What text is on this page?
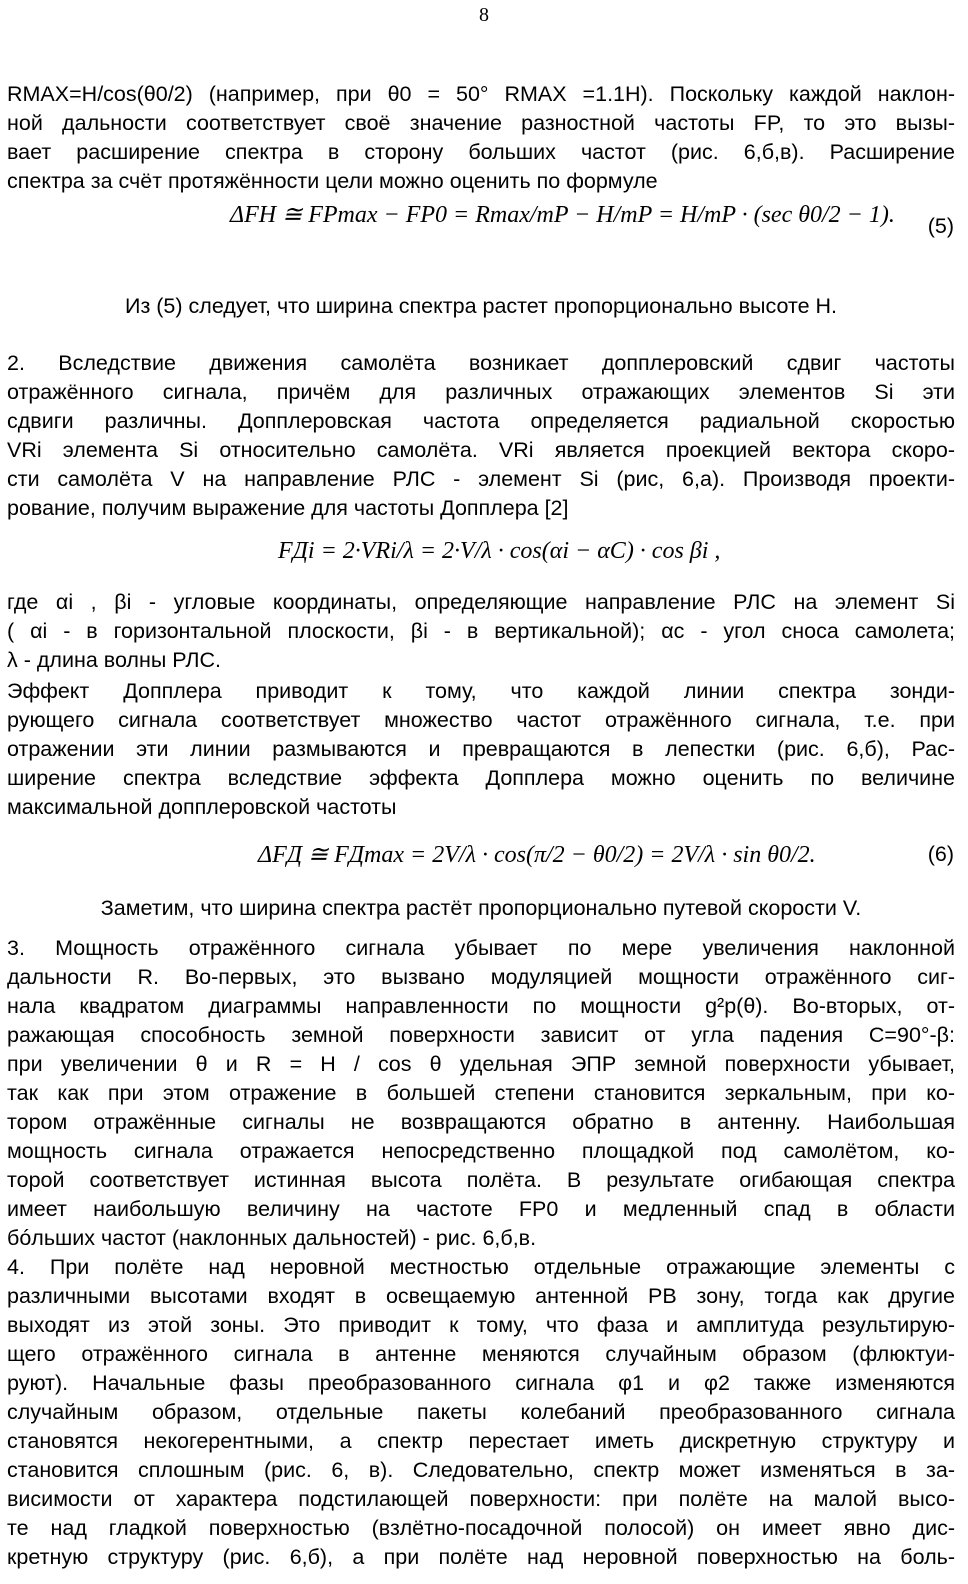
8
RMAX=H/cos(θ0/2) (например, при θ0 = 50° RMAX =1.1H). Поскольку каждой наклон-
ной дальности соответствует своё значение разностной частоты FP, то это вызы-
вает расширение спектра в сторону больших частот (рис. 6,б,в). Расширение
спектра за счёт протяжённости цели можно оценить по формуле
ΔFН ≅ FPmax − FP0 = Rmax/mP − H/mP = H/mP · (sec θ0/2 − 1). (5)
Из (5) следует, что ширина спектра растет пропорционально высоте H.
2. Вследствие движения самолёта возникает допплеровский сдвиг частоты
отражённого сигнала, причём для различных отражающих элементов Si эти
сдвиги различны. Допплеровская частота определяется радиальной скоростью
VRi элемента Si относительно самолёта. VRi является проекцией вектора скоро-
сти самолёта V на направление РЛС - элемент Si (рис, 6,а). Производя проекти-
рование, получим выражение для частоты Допплера [2]
FДi = 2·VRi/λ = 2·V/λ · cos(αi − αC) · cos βi ,
где αi , βi - угловые координаты, определяющие направление РЛС на элемент Si
( αi - в горизонтальной плоскости, βi - в вертикальной); αc - угол сноса самолета;
λ - длина волны РЛС.
Эффект Допплера приводит к тому, что каждой линии спектра зонди-
рующего сигнала соответствует множество частот отражённого сигнала, т.е. при
отражении эти линии размываются и превращаются в лепестки (рис. 6,б), Рас-
ширение спектра вследствие эффекта Допплера можно оценить по величине
максимальной допплеровской частоты
ΔFД ≅ FДmax = 2V/λ · cos(π/2 − θ0/2) = 2V/λ · sin θ0/2.	(6)
Заметим, что ширина спектра растёт пропорционально путевой скорости V.
3. Мощность отражённого сигнала убывает по мере увеличения наклонной
дальности R. Во-первых, это вызвано модуляцией мощности отражённого сиг-
нала квадратом диаграммы направленности по мощности g²p(θ). Во-вторых, от-
ражающая способность земной поверхности зависит от угла падения C=90°-β:
при увеличении θ и R = H / cos θ удельная ЭПР земной поверхности убывает,
так как при этом отражение в большей степени становится зеркальным, при ко-
тором отражённые сигналы не возвращаются обратно в антенну. Наибольшая
мощность сигнала отражается непосредственно площадкой под самолётом, ко-
торой соответствует истинная высота полёта. В результате огибающая спектра
имеет наибольшую величину на частоте FP0 и медленный спад в области
бóльших частот (наклонных дальностей) - рис. 6,б,в.
4. При полёте над неровной местностью отдельные отражающие элементы с
различными высотами входят в освещаемую антенной РВ зону, тогда как другие
выходят из этой зоны. Это приводит к тому, что фаза и амплитуда результирую-
щего отражённого сигнала в антенне меняются случайным образом (флюктуи-
руют). Начальные фазы преобразованного сигнала φ1 и φ2 также изменяются
случайным образом, отдельные пакеты колебаний преобразованного сигнала
становятся некогерентными, а спектр перестает иметь дискретную структуру и
становится сплошным (рис. 6, в). Следовательно, спектр может изменяться в за-
висимости от характера подстилающей поверхности: при полёте на малой высо-
те над гладкой поверхностью (взлётно-посадочной полосой) он имеет явно дис-
кретную структуру (рис. 6,б), а при полёте над неровной поверхностью на боль-
